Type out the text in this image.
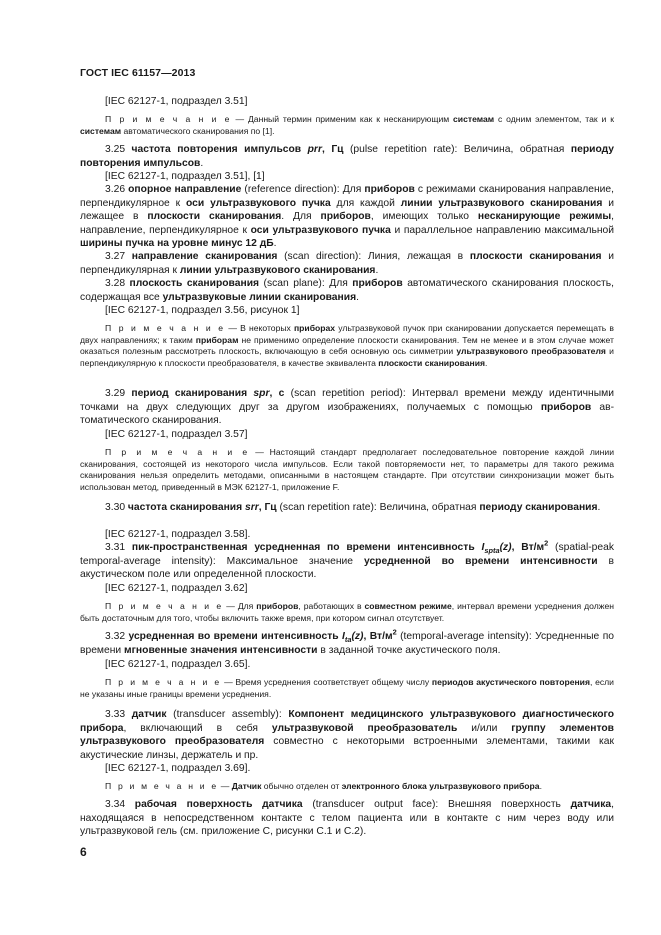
ГОСТ IEC 61157—2013
[IEC 62127-1, подраздел 3.51]
П р и м е ч а н и е — Данный термин применим как к несканирующим системам с одним элементом, так и к системам автоматического сканирования по [1].
3.25 частота повторения импульсов prr, Гц (pulse repetition rate): Величина, обратная периоду повторения импульсов.
[IEC 62127-1, подраздел 3.51], [1]
3.26 опорное направление (reference direction): Для приборов с режимами сканирования направление, перпендикулярное к оси ультразвукового пучка для каждой линии ультразвукового сканирования и лежащее в плоскости сканирования. Для приборов, имеющих только несканирующие режимы, направление, перпендикулярное к оси ультразвукового пучка и параллельное направлению максимальной ширины пучка на уровне минус 12 дБ.
3.27 направление сканирования (scan direction): Линия, лежащая в плоскости сканирования и перпендикулярная к линии ультразвукового сканирования.
3.28 плоскость сканирования (scan plane): Для приборов автоматического сканирования плоскость, содержащая все ультразвуковые линии сканирования.
[IEC 62127-1, подраздел 3.56, рисунок 1]
П р и м е ч а н и е — В некоторых приборах ультразвуковой пучок при сканировании допускается перемещать в двух направлениях; к таким приборам не применимо определение плоскости сканирования. Тем не менее и в этом случае может оказаться полезным рассмотреть плоскость, включающую в себя основную ось симметрии ультразвукового преобразователя и перпендикулярную к плоскости преобразователя, в качестве эквивалента плоскости сканирования.
3.29 период сканирования spr, с (scan repetition period): Интервал времени между идентичными точками на двух следующих друг за другом изображениях, получаемых с помощью приборов автоматического сканирования.
[IEC 62127-1, подраздел 3.57]
П р и м е ч а н и е — Настоящий стандарт предполагает последовательное повторение каждой линии сканирования, состоящей из некоторого числа импульсов. Если такой повторяемости нет, то параметры для такого режима сканирования нельзя определить методами, описанными в настоящем стандарте. При отсутствии синхронизации может быть использован метод, приведенный в МЭК 62127-1, приложение F.
3.30 частота сканирования srr, Гц (scan repetition rate): Величина, обратная периоду сканирования.
[IEC 62127-1, подраздел 3.58].
3.31 пик-пространственная усредненная по времени интенсивность $I_{spta}(z)$, $Вт/м^2$ (spatial-peak temporal-average intensity): Максимальное значение усредненной во времени интенсивности в акустическом поле или определенной плоскости.
[IEC 62127-1, подраздел 3.62]
П р и м е ч а н и е — Для приборов, работающих в совместном режиме, интервал времени усреднения должен быть достаточным для того, чтобы включить также время, при котором сигнал отсутствует.
3.32 усредненная во времени интенсивность $I_{ta}(z)$, $Вт/м^2$ (temporal-average intensity): Усредненные по времени мгновенные значения интенсивности в заданной точке акустического поля.
[IEC 62127-1, подраздел 3.65].
П р и м е ч а н и е — Время усреднения соответствует общему числу периодов акустического повторения, если не указаны иные границы времени усреднения.
3.33 датчик (transducer assembly): Компонент медицинского ультразвукового диагностического прибора, включающий в себя ультразвуковой преобразователь и/или группу элементов ультразвукового преобразователя совместно с некоторыми встроенными элементами, такими как акустические линзы, держатель и пр.
[IEC 62127-1, подраздел 3.69].
П р и м е ч а н и е — Датчик обычно отделен от электронного блока ультразвукового прибора.
3.34 рабочая поверхность датчика (transducer output face): Внешняя поверхность датчика, находящаяся в непосредственном контакте с телом пациента или в контакте с ним через воду или ультразвуковой гель (см. приложение С, рисунки С.1 и С.2).
6
